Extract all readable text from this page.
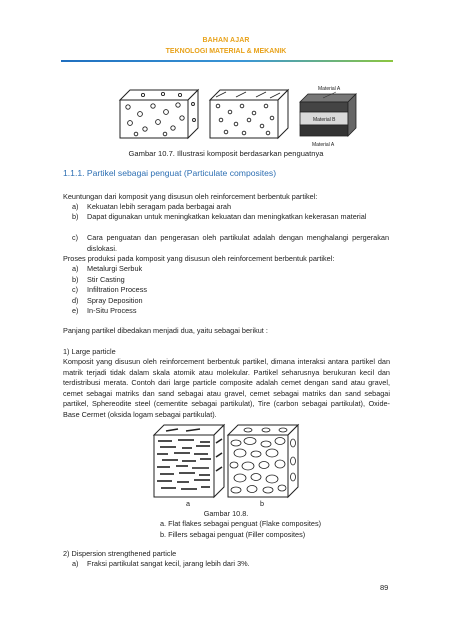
BAHAN AJAR
TEKNOLOGI MATERIAL & MEKANIK
Material A
Material B
Material A
Gambar 10.7. Illustrasi komposit berdasarkan penguatnya
1.1.1. Partikel sebagai penguat (Particulate composites)
Keuntungan dari komposit yang disusun oleh reinforcement berbentuk partikel:
a) Kekuatan lebih seragam pada berbagai arah
b) Dapat digunakan untuk meningkatkan kekuatan dan meningkatkan kekerasan material
c) Cara penguatan dan pengerasan oleh partikulat adalah dengan menghalangi pergerakan dislokasi.
Proses produksi pada komposit yang disusun oleh reinforcement berbentuk partikel:
a) Metalurgi Serbuk
b) Stir Casting
c) Infiltration Process
d) Spray Deposition
e) In-Situ Process
Panjang partikel dibedakan menjadi dua, yaitu sebagai berikut :
1) Large particle
Komposit yang disusun oleh reinforcement berbentuk partikel, dimana interaksi antara partikel dan matrik terjadi tidak dalam skala atomik atau molekular. Partikel seharusnya berukuran kecil dan terdistribusi merata. Contoh dari large particle composite adalah cemet dengan sand atau gravel, cemet sebagai matriks dan sand sebagai atau gravel, cemet sebagai matriks dan sand sebagai partikel, Sphereodite steel (cementite sebagai partikulat), Tire (carbon sebagai partikulat), Oxide-Base Cermet (oksida logam sebagai partikulat).
a	b
Gambar 10.8.
a. Flat flakes sebagai penguat (Flake composites)
b. Fillers sebagai penguat (Filler composites)
2) Dispersion strengthened particle
a) Fraksi partikulat sangat kecil, jarang lebih dari 3%.
89
